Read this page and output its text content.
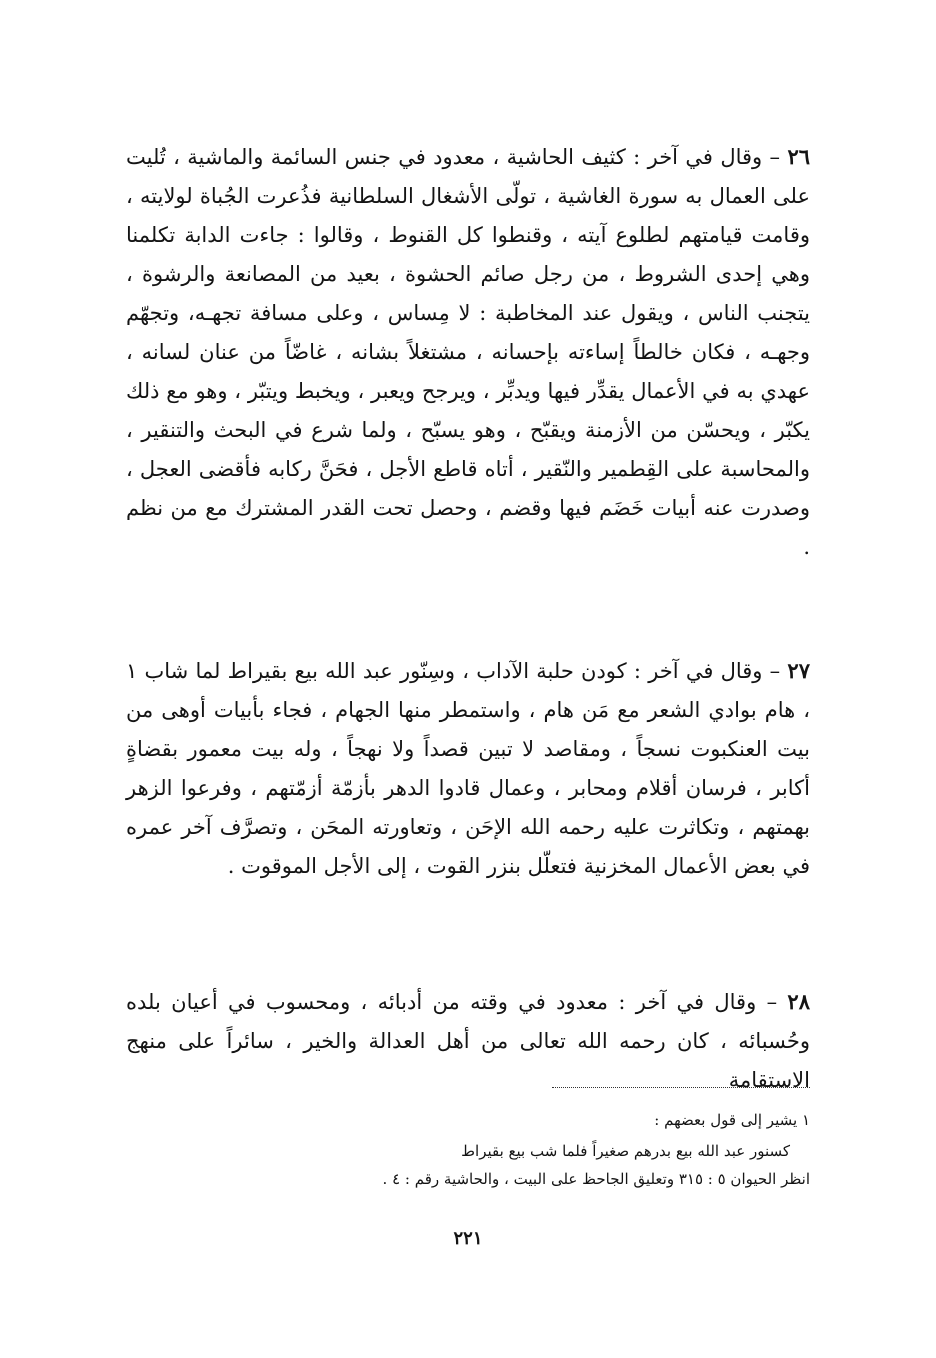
٢٦ – وقال في آخر : كثيف الحاشية ، معدود في جنس السائمة والماشية ، تُليت على العمال به سورة الغاشية ، تولّى الأشغال السلطانية فذُعرت الجُباة لولايته ، وقامت قيامتهم لطلوع آيته ، وقنطوا كل القنوط ، وقالوا : جاءت الدابة تكلمنا وهي إحدى الشروط ، من رجل صائم الحشوة ، بعيد من المصانعة والرشوة ، يتجنب الناس ، ويقول عند المخاطبة : لا مِساس ، وعلى مسافة تجهـه، وتجهّم وجهـه ، فكان خالطاً إساءته بإحسانه ، مشتغلاً بشانه ، غاضّاً من عنان لسانه ، عهدي به في الأعمال يقدِّر فيها ويدبِّر ، ويرجح ويعبر ، ويخبط ويتبّر ، وهو مع ذلك يكبّر ، ويحسّن من الأزمنة ويقبّح ، وهو يسبّح ، ولما شرع في البحث والتنقير ، والمحاسبة على القِطمير والنّقير ، أتاه قاطع الأجل ، فحَنَّ ركابه فأقضى العجل ، وصدرت عنه أبيات خَضَم فيها وقضم ، وحصل تحت القدر المشترك مع من نظم .

٢٧ – وقال في آخر : كودن حلبة الآداب ، وسِنّور عبد الله بيع بقيراط لما شاب ١ ، هام بوادي الشعر مع مَن هام ، واستمطر منها الجهام ، فجاء بأبيات أوهى من بيت العنكبوت نسجاً ، ومقاصد لا تبين قصداً ولا نهجاً ، وله بيت معمور بقضاةٍ أكابر ، فرسان أقلام ومحابر ، وعمال قادوا الدهر بأزمّة أزمّتهم ، وفرعوا الزهر بهمتهم ، وتكاثرت عليه رحمه الله الإحَن ، وتعاورته المحَن ، وتصرَّف آخر عمره في بعض الأعمال المخزنية فتعلّل بنزر القوت ، إلى الأجل الموقوت .

٢٨ – وقال في آخر : معدود في وقته من أدبائه ، ومحسوب في أعيان بلده وحُسبائه ، كان رحمه الله تعالى من أهل العدالة والخير ، سائراً على منهج الاستقامة

١ يشير إلى قول بعضهم :
كسنور عبد الله بيع بدرهم صغيراً فلما شب بيع بقيراط
انظر الحيوان ٥ : ٣١٥ وتعليق الجاحظ على البيت ، والحاشية رقم : ٤ .
٢٢١
